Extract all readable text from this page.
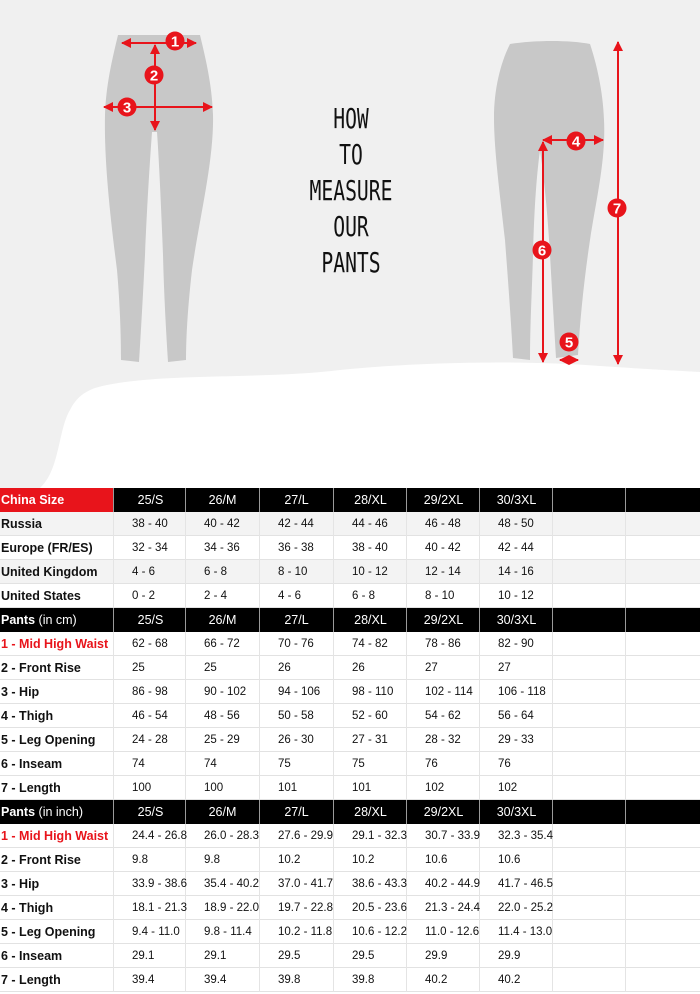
1
2
3
4
5
6
7
HOW
TO
MEASURE
OUR
PANTS
China Size	25/S	26/M	27/L	28/XL	29/2XL	30/3XL
Russia	38 - 40	40 - 42	42 - 44	44 - 46	46 - 48	48 - 50
Europe (FR/ES)	32 - 34	34 - 36	36 - 38	38 - 40	40 - 42	42 - 44
United Kingdom	4 - 6	6 - 8	8 - 10	10 - 12	12 - 14	14 - 16
United States	0 - 2	2 - 4	4 - 6	6 - 8	8 - 10	10 - 12
Pants (in cm)	25/S	26/M	27/L	28/XL	29/2XL	30/3XL
1 - Mid High Waist	62 - 68	66 - 72	70 - 76	74 - 82	78 - 86	82 - 90
2 - Front Rise	25	25	26	26	27	27
3 - Hip	86 - 98	90 - 102	94 - 106	98 - 110	102 - 114	106 - 118
4 - Thigh	46 - 54	48 - 56	50 - 58	52 - 60	54 - 62	56 - 64
5 - Leg Opening	24 - 28	25 - 29	26 - 30	27 - 31	28 - 32	29 - 33
6 - Inseam	74	74	75	75	76	76
7 - Length	100	100	101	101	102	102
Pants (in inch)	25/S	26/M	27/L	28/XL	29/2XL	30/3XL
1 - Mid High Waist	24.4 - 26.8	26.0 - 28.3	27.6 - 29.9	29.1 - 32.3	30.7 - 33.9	32.3 - 35.4
2 - Front Rise	9.8	9.8	10.2	10.2	10.6	10.6
3 - Hip	33.9 - 38.6	35.4 - 40.2	37.0 - 41.7	38.6 - 43.3	40.2 - 44.9	41.7 - 46.5
4 - Thigh	18.1 - 21.3	18.9 - 22.0	19.7 - 22.8	20.5 - 23.6	21.3 - 24.4	22.0 - 25.2
5 - Leg Opening	9.4 - 11.0	9.8 - 11.4	10.2 - 11.8	10.6 - 12.2	11.0 - 12.6	11.4 - 13.0
6 - Inseam	29.1	29.1	29.5	29.5	29.9	29.9
7 - Length	39.4	39.4	39.8	39.8	40.2	40.2
